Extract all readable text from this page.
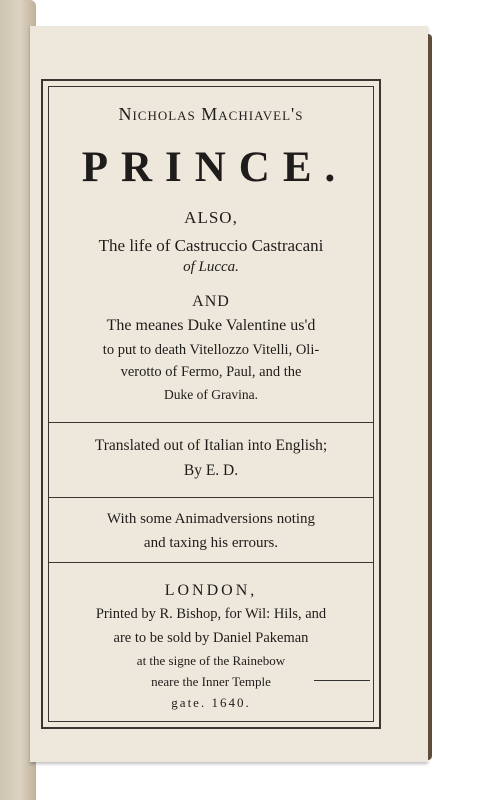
Nicholas Machiavel's
PRINCE.
ALSO,
The life of Castruccio Castracani
of Lucca.
AND
The meanes Duke Valentine us'd
to put to death Vitellozzo Vitelli, Oli-
verotto of Fermo, Paul, and the
Duke of Gravina.
Translated out of Italian into English;
By E. D.
With some Animadversions noting
and taxing his errours.
LONDON,
Printed by R. Bishop, for Wil: Hils, and
are to be sold by Daniel Pakeman
at the signe of the Rainebow
neare the Inner Temple
gate. 1640.
